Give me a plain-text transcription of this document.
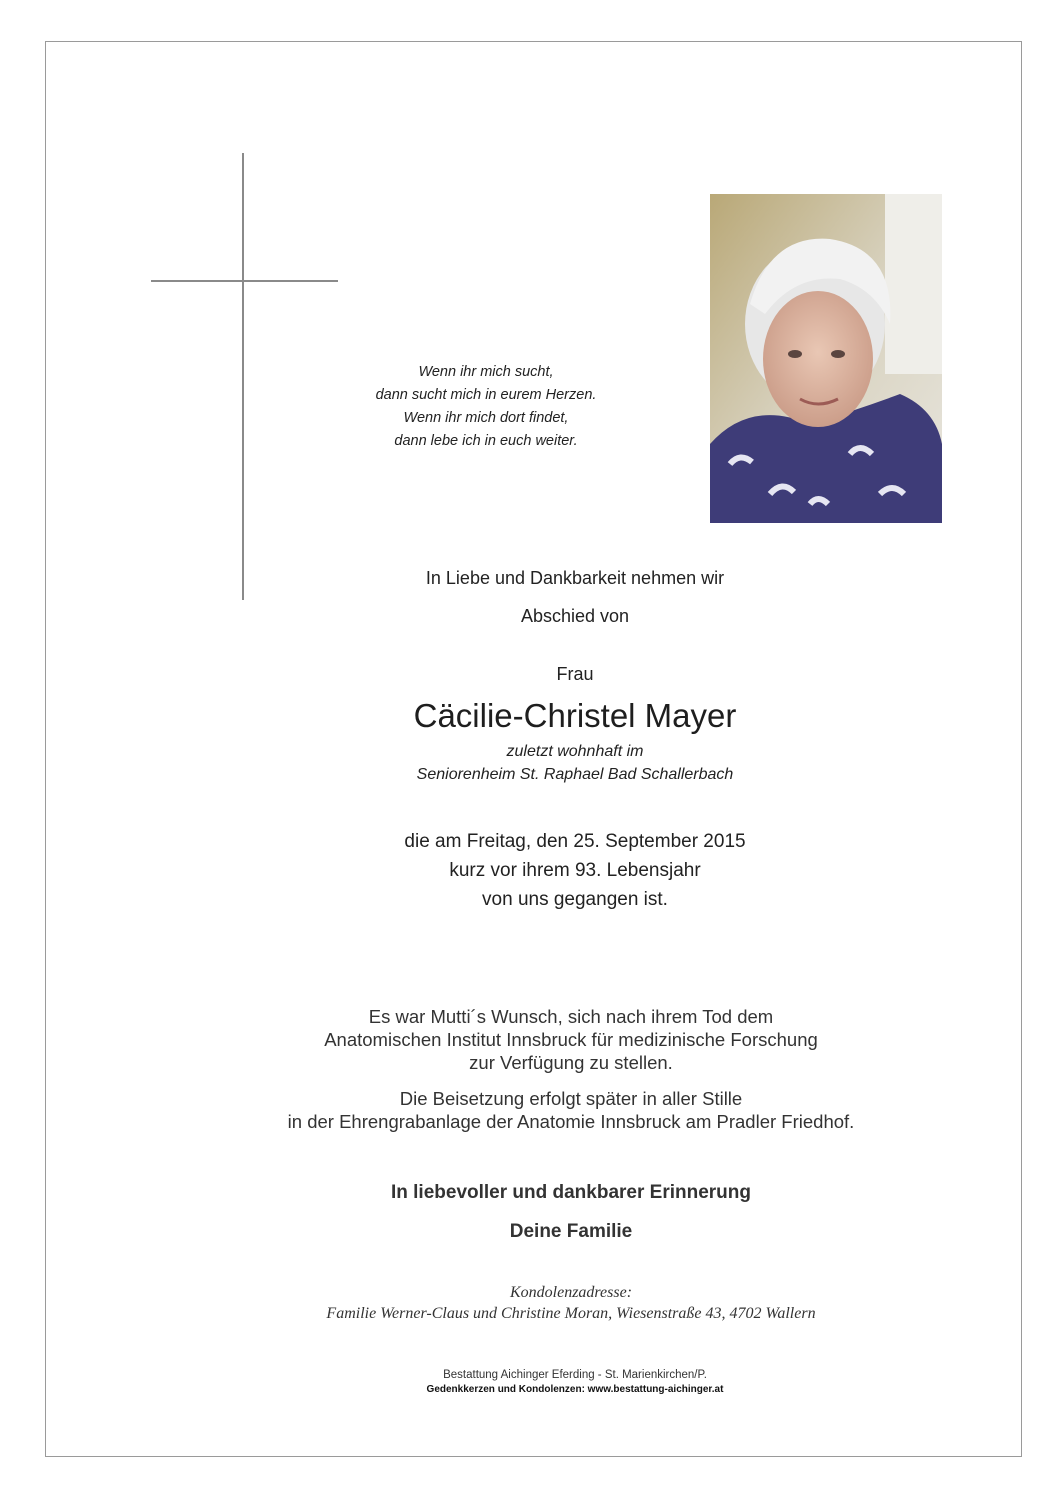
Wenn ihr mich sucht,
dann sucht mich in eurem Herzen.
Wenn ihr mich dort findet,
dann lebe ich in euch weiter.
In Liebe und Dankbarkeit nehmen wir
Abschied von
Frau
Cäcilie-Christel Mayer
zuletzt wohnhaft im
Seniorenheim St. Raphael Bad Schallerbach
die am Freitag, den 25. September 2015
kurz vor ihrem 93. Lebensjahr
von uns gegangen ist.
Es war Mutti´s Wunsch, sich nach ihrem Tod dem
Anatomischen Institut Innsbruck für medizinische Forschung
zur Verfügung zu stellen.
Die Beisetzung erfolgt später in aller Stille
in der Ehrengrabanlage der Anatomie Innsbruck am Pradler Friedhof.
In liebevoller und dankbarer Erinnerung
Deine Familie
Kondolenzadresse:
Familie Werner-Claus und Christine Moran, Wiesenstraße 43, 4702 Wallern
Bestattung Aichinger Eferding - St. Marienkirchen/P.
Gedenkkerzen und Kondolenzen: www.bestattung-aichinger.at
